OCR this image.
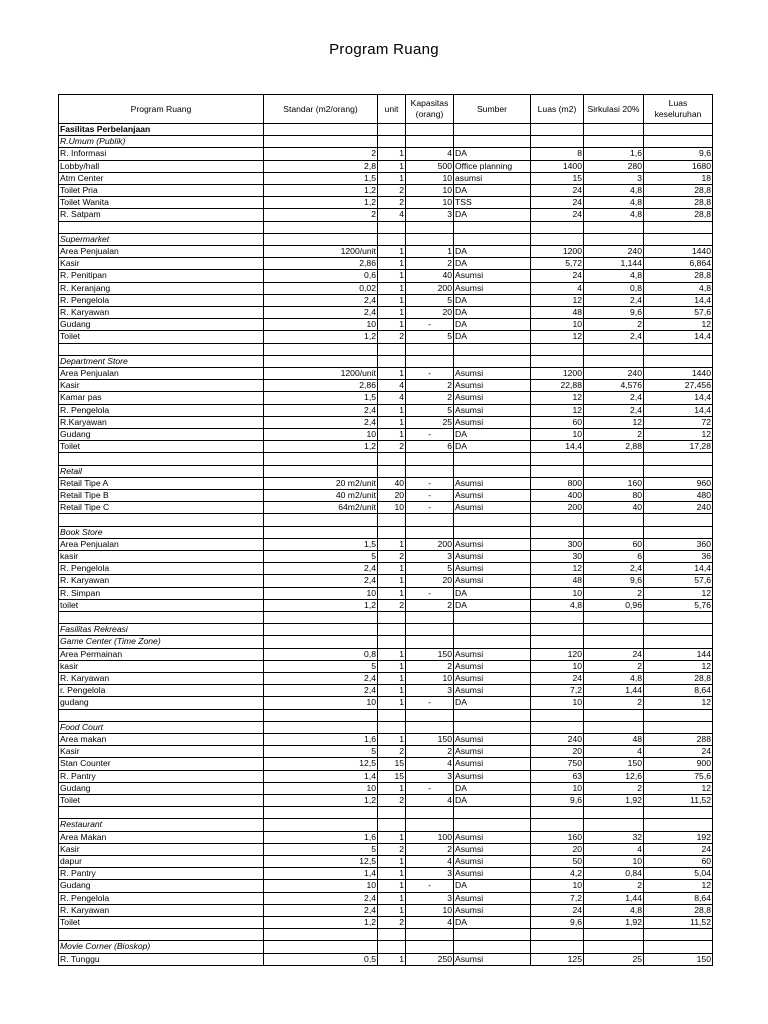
Program Ruang
Program Ruang	Standar (m2/orang)	unit	Kapasitas (orang)	Sumber	Luas (m2)	Sirkulasi 20%	Luas keseluruhan
Fasilitas Perbelanjaan							
R.Umum (Publik)							
R. Informasi	2	1	4	DA	8	1,6	9,6
Lobby/hall	2,8	1	500	Office planning	1400	280	1680
Atm Center	1,5	1	10	asumsi	15	3	18
Toilet Pria	1,2	2	10	DA	24	4,8	28,8
Toilet Wanita	1,2	2	10	TSS	24	4,8	28,8
R. Satpam	2	4	3	DA	24	4,8	28,8

Supermarket							
Area Penjualan	1200/unit	1	1	DA	1200	240	1440
Kasir	2,86	1	2	DA	5,72	1,144	6,864
R. Penitipan	0,6	1	40	Asumsi	24	4,8	28,8
R. Keranjang	0,02	1	200	Asumsi	4	0,8	4,8
R. Pengelola	2,4	1	5	DA	12	2,4	14,4
R. Karyawan	2,4	1	20	DA	48	9,6	57,6
Gudang	10	1	-	DA	10	2	12
Toilet	1,2	2	5	DA	12	2,4	14,4

Department Store							
Area Penjualan	1200/unit	1	-	Asumsi	1200	240	1440
Kasir	2,86	4	2	Asumsi	22,88	4,576	27,456
Kamar pas	1,5	4	2	Asumsi	12	2,4	14,4
R. Pengelola	2,4	1	5	Asumsi	12	2,4	14,4
R.Karyawan	2,4	1	25	Asumsi	60	12	72
Gudang	10	1	-	DA	10	2	12
Toilet	1,2	2	6	DA	14,4	2,88	17,28

Retail							
Retail Tipe A	20 m2/unit	40	-	Asumsi	800	160	960
Retail Tipe B	40 m2/unit	20	-	Asumsi	400	80	480
Retail Tipe C	64m2/unit	10	-	Asumsi	200	40	240

Book Store							
Area Penjualan	1,5	1	200	Asumsi	300	60	360
kasir	5	2	3	Asumsi	30	6	36
R. Pengelola	2,4	1	5	Asumsi	12	2,4	14,4
R. Karyawan	2,4	1	20	Asumsi	48	9,6	57,6
R. Simpan	10	1	-	DA	10	2	12
toilet	1,2	2	2	DA	4,8	0,96	5,76

Fasilitas Rekreasi							
Game Center (Time Zone)							
Area Permainan	0,8	1	150	Asumsi	120	24	144
kasir	5	1	2	Asumsi	10	2	12
R. Karyawan	2,4	1	10	Asumsi	24	4,8	28,8
r. Pengelola	2,4	1	3	Asumsi	7,2	1,44	8,64
gudang	10	1	-	DA	10	2	12

Food Court							
Area makan	1,6	1	150	Asumsi	240	48	288
Kasir	5	2	2	Asumsi	20	4	24
Stan Counter	12,5	15	4	Asumsi	750	150	900
R. Pantry	1,4	15	3	Asumsi	63	12,6	75,6
Gudang	10	1	-	DA	10	2	12
Toilet	1,2	2	4	DA	9,6	1,92	11,52

Restaurant							
Area Makan	1,6	1	100	Asumsi	160	32	192
Kasir	5	2	2	Asumsi	20	4	24
dapur	12,5	1	4	Asumsi	50	10	60
R. Pantry	1,4	1	3	Asumsi	4,2	0,84	5,04
Gudang	10	1	-	DA	10	2	12
R. Pengelola	2,4	1	3	Asumsi	7,2	1,44	8,64
R. Karyawan	2,4	1	10	Asumsi	24	4,8	28,8
Toilet	1,2	2	4	DA	9,6	1,92	11,52

Movie Corner (Bioskop)							
R. Tunggu	0,5	1	250	Asumsi	125	25	150
